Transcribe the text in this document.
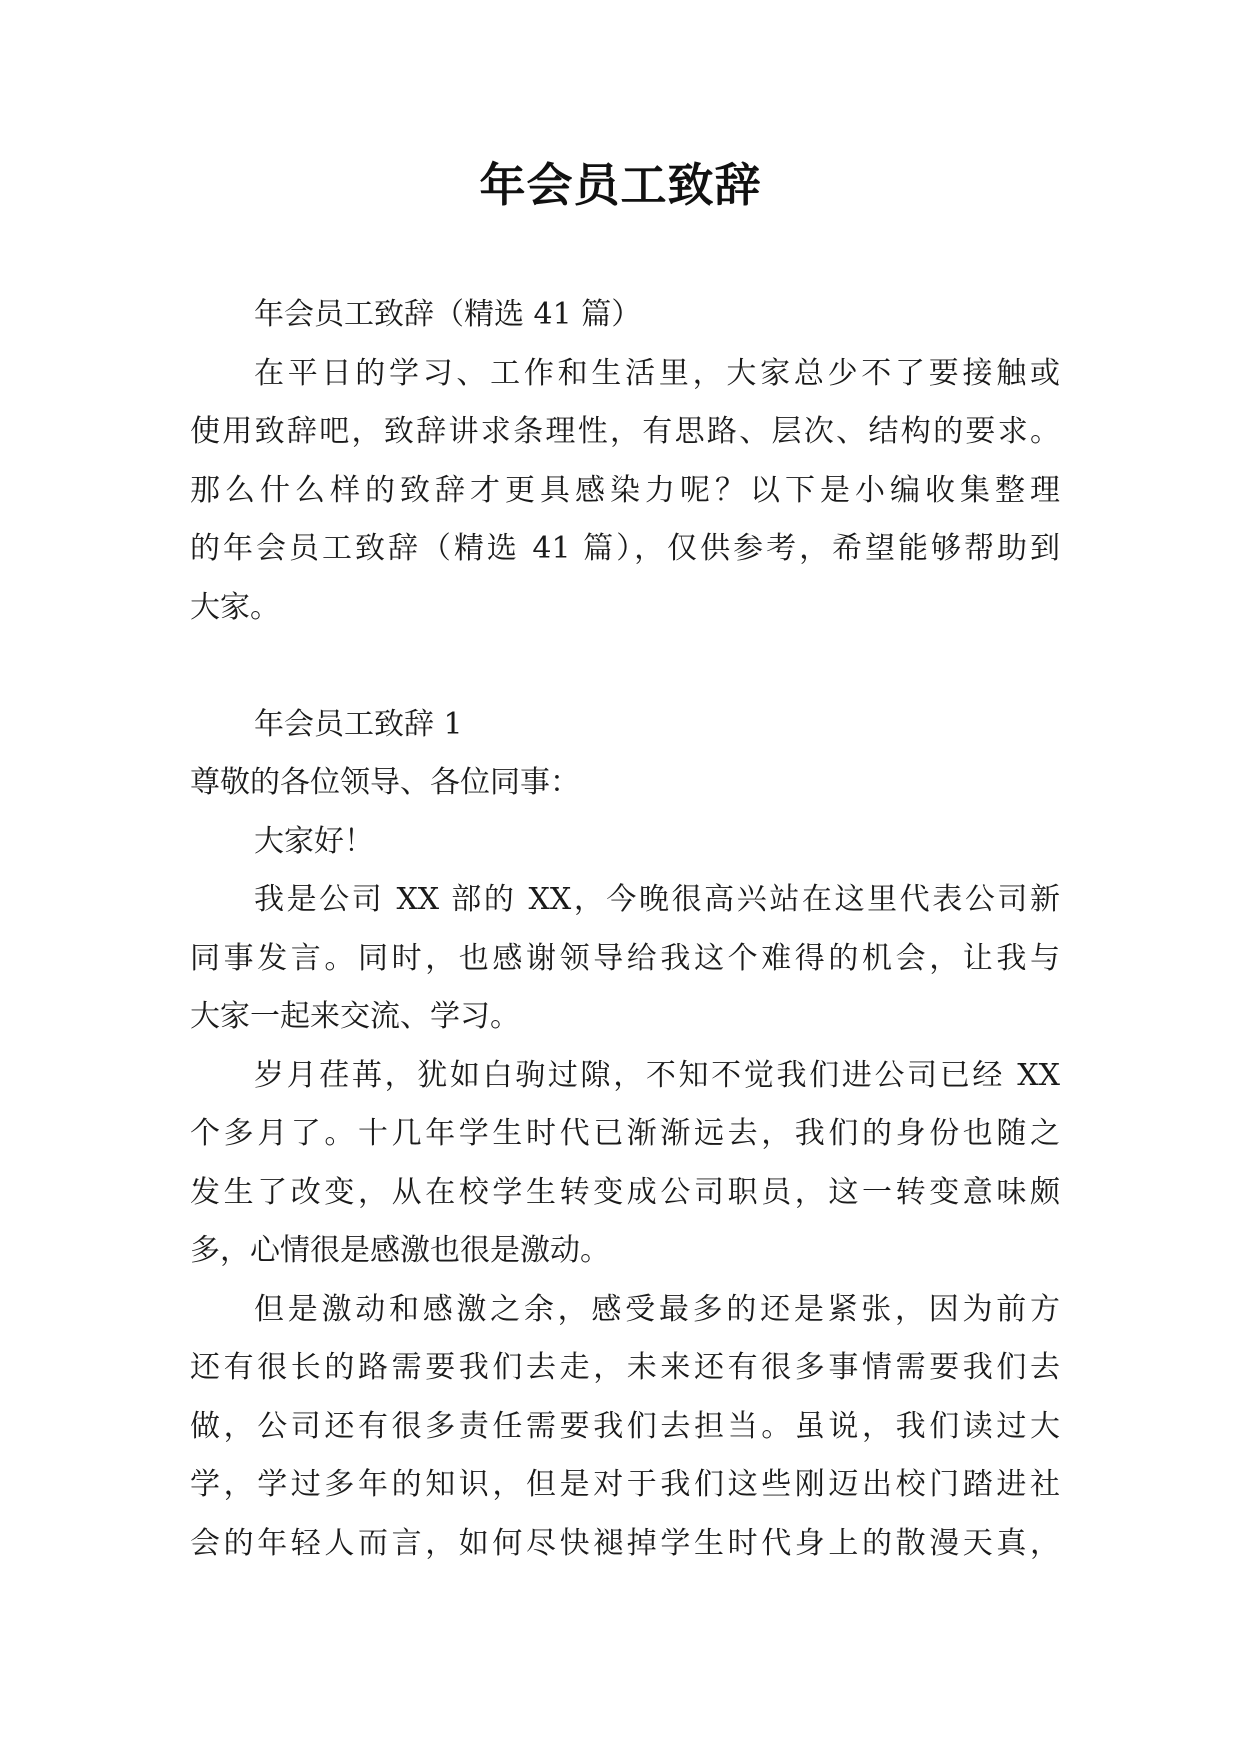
年会员工致辞
年会员工致辞（精选 41 篇）
在平日的学习、工作和生活里，大家总少不了要接触或
使用致辞吧，致辞讲求条理性，有思路、层次、结构的要求。
那么什么样的致辞才更具感染力呢？以下是小编收集整理
的年会员工致辞（精选 41 篇），仅供参考，希望能够帮助到
大家。
年会员工致辞 1
尊敬的各位领导、各位同事：
大家好！
我是公司 XX 部的 XX，今晚很高兴站在这里代表公司新
同事发言。同时，也感谢领导给我这个难得的机会，让我与
大家一起来交流、学习。
岁月荏苒，犹如白驹过隙，不知不觉我们进公司已经 XX
个多月了。十几年学生时代已渐渐远去，我们的身份也随之
发生了改变，从在校学生转变成公司职员，这一转变意味颇
多，心情很是感激也很是激动。
但是激动和感激之余，感受最多的还是紧张，因为前方
还有很长的路需要我们去走，未来还有很多事情需要我们去
做，公司还有很多责任需要我们去担当。虽说，我们读过大
学，学过多年的知识，但是对于我们这些刚迈出校门踏进社
会的年轻人而言，如何尽快褪掉学生时代身上的散漫天真，
